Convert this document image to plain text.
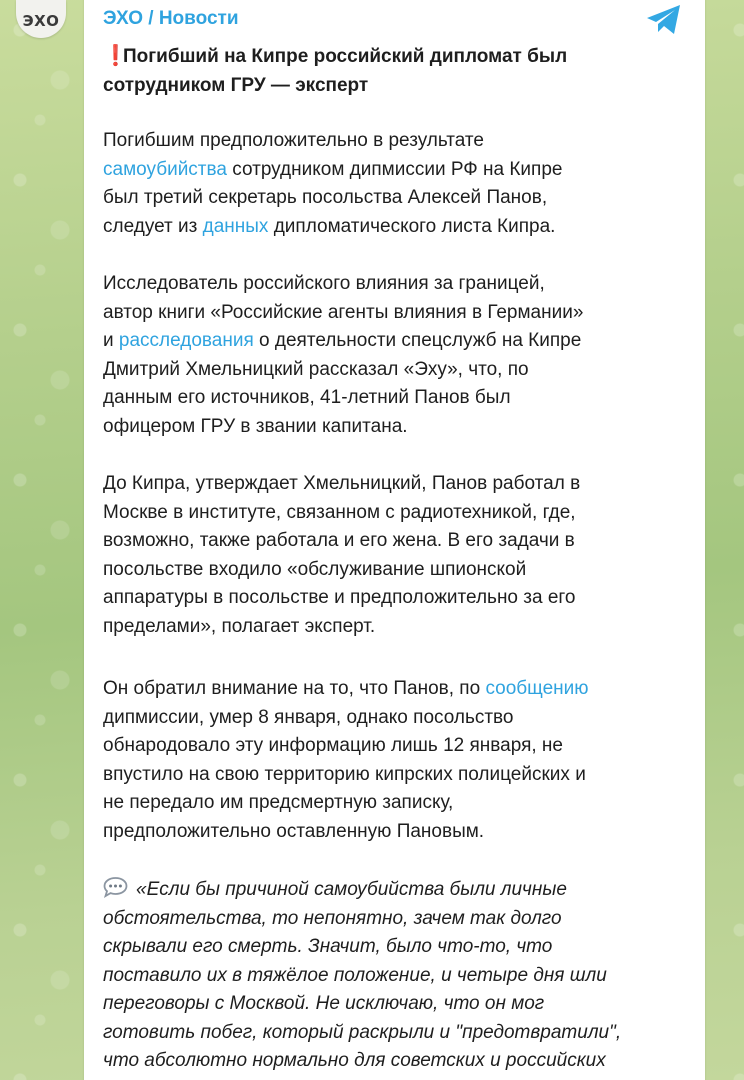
ЭХО ЭХО / Новости
❗Погибший на Кипре российский дипломат был
сотрудником ГРУ — эксперт
Погибшим предположительно в результате
самоубийства сотрудником дипмиссии РФ на Кипре
был третий секретарь посольства Алексей Панов,
следует из данных дипломатического листа Кипра.
Исследователь российского влияния за границей,
автор книги «Российские агенты влияния в Германии»
и расследования о деятельности спецслужб на Кипре
Дмитрий Хмельницкий рассказал «Эху», что, по
данным его источников, 41-летний Панов был
офицером ГРУ в звании капитана.
До Кипра, утверждает Хмельницкий, Панов работал в
Москве в институте, связанном с радиотехникой, где,
возможно, также работала и его жена. В его задачи в
посольстве входило «обслуживание шпионской
аппаратуры в посольстве и предположительно за его
пределами», полагает эксперт.
Он обратил внимание на то, что Панов, по сообщению
дипмиссии, умер 8 января, однако посольство
обнародовало эту информацию лишь 12 января, не
впустило на свою территорию кипрских полицейских и
не передало им предсмертную записку,
предположительно оставленную Пановым.
«Если бы причиной самоубийства были личные
обстоятельства, то непонятно, зачем так долго
скрывали его смерть. Значит, было что-то, что
поставило их в тяжёлое положение, и четыре дня шли
переговоры с Москвой. Не исключаю, что он мог
готовить побег, который раскрыли и "предотвратили",
что абсолютно нормально для советских и российских
